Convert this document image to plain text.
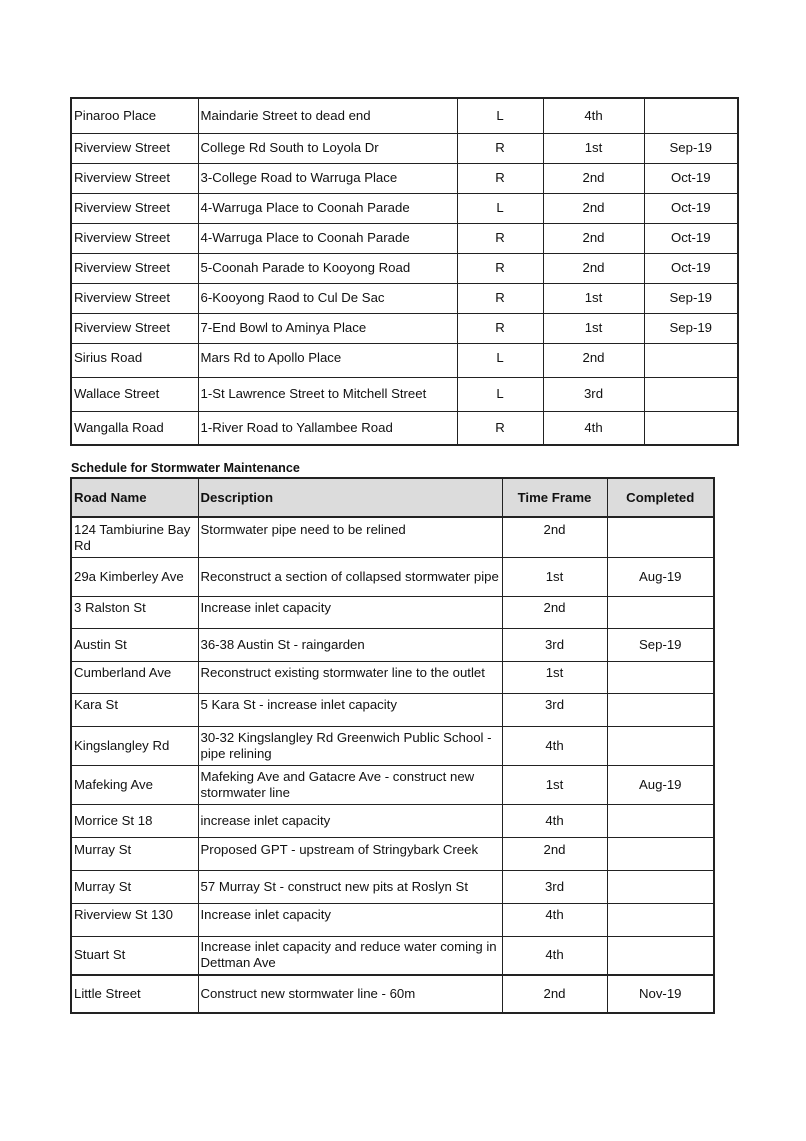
Pinaroo Place	Maindarie Street to dead end	L	4th	
Riverview Street	College Rd South to Loyola Dr	R	1st	Sep-19
Riverview Street	3-College Road to Warruga Place	R	2nd	Oct-19
Riverview Street	4-Warruga Place to Coonah Parade	L	2nd	Oct-19
Riverview Street	4-Warruga Place to Coonah Parade	R	2nd	Oct-19
Riverview Street	5-Coonah Parade to Kooyong Road	R	2nd	Oct-19
Riverview Street	6-Kooyong Raod to Cul De Sac	R	1st	Sep-19
Riverview Street	7-End Bowl to Aminya Place	R	1st	Sep-19
Sirius Road	Mars Rd to Apollo Place	L	2nd	
Wallace Street	1-St Lawrence Street to Mitchell Street	L	3rd	
Wangalla Road	1-River Road to Yallambee Road	R	4th	
Schedule for Stormwater Maintenance
Road Name	Description	Time Frame	Completed
124 Tambiurine Bay Rd	Stormwater pipe need to be relined	2nd	
29a Kimberley Ave	Reconstruct a section of collapsed stormwater pipe	1st	Aug-19
3 Ralston St	Increase inlet capacity	2nd	
Austin St	36-38 Austin St - raingarden	3rd	Sep-19
Cumberland Ave	Reconstruct existing stormwater line to the outlet	1st	
Kara St	5 Kara St - increase inlet capacity	3rd	
Kingslangley Rd	30-32 Kingslangley Rd Greenwich Public School - pipe relining	4th	
Mafeking Ave	Mafeking Ave and Gatacre Ave - construct new stormwater line	1st	Aug-19
Morrice St 18	increase inlet capacity	4th	
Murray St	Proposed GPT - upstream of Stringybark Creek	2nd	
Murray St	57 Murray St - construct new pits at Roslyn St	3rd	
Riverview St 130	Increase inlet capacity	4th	
Stuart St	Increase inlet capacity and reduce water coming in Dettman Ave	4th	
Little Street	Construct new stormwater line - 60m	2nd	Nov-19
